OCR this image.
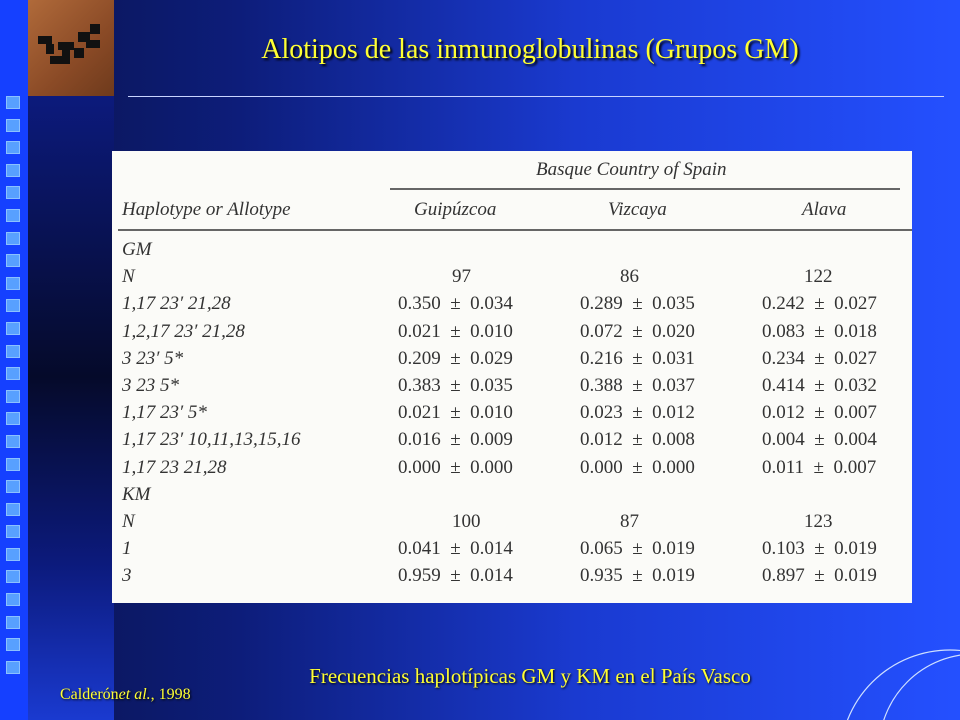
Alotipos de las inmunoglobulinas (Grupos GM)
Basque Country of Spain
Haplotype or Allotype	Guipúzcoa	Vizcaya	Alava
GM
N	97	86	122
1,17 23′ 21,28	0.350  ±  0.034	0.289  ±  0.035	0.242  ±  0.027
1,2,17 23′ 21,28	0.021  ±  0.010	0.072  ±  0.020	0.083  ±  0.018
3 23′ 5*	0.209  ±  0.029	0.216  ±  0.031	0.234  ±  0.027
3 23 5*	0.383  ±  0.035	0.388  ±  0.037	0.414  ±  0.032
1,17 23′ 5*	0.021  ±  0.010	0.023  ±  0.012	0.012  ±  0.007
1,17 23′ 10,11,13,15,16	0.016  ±  0.009	0.012  ±  0.008	0.004  ±  0.004
1,17 23 21,28	0.000  ±  0.000	0.000  ±  0.000	0.011  ±  0.007
KM
N	100	87	123
1	0.041  ±  0.014	0.065  ±  0.019	0.103  ±  0.019
3	0.959  ±  0.014	0.935  ±  0.019	0.897  ±  0.019
Frecuencias haplotípicas GM y KM en el País Vasco
Calderónet al., 1998
